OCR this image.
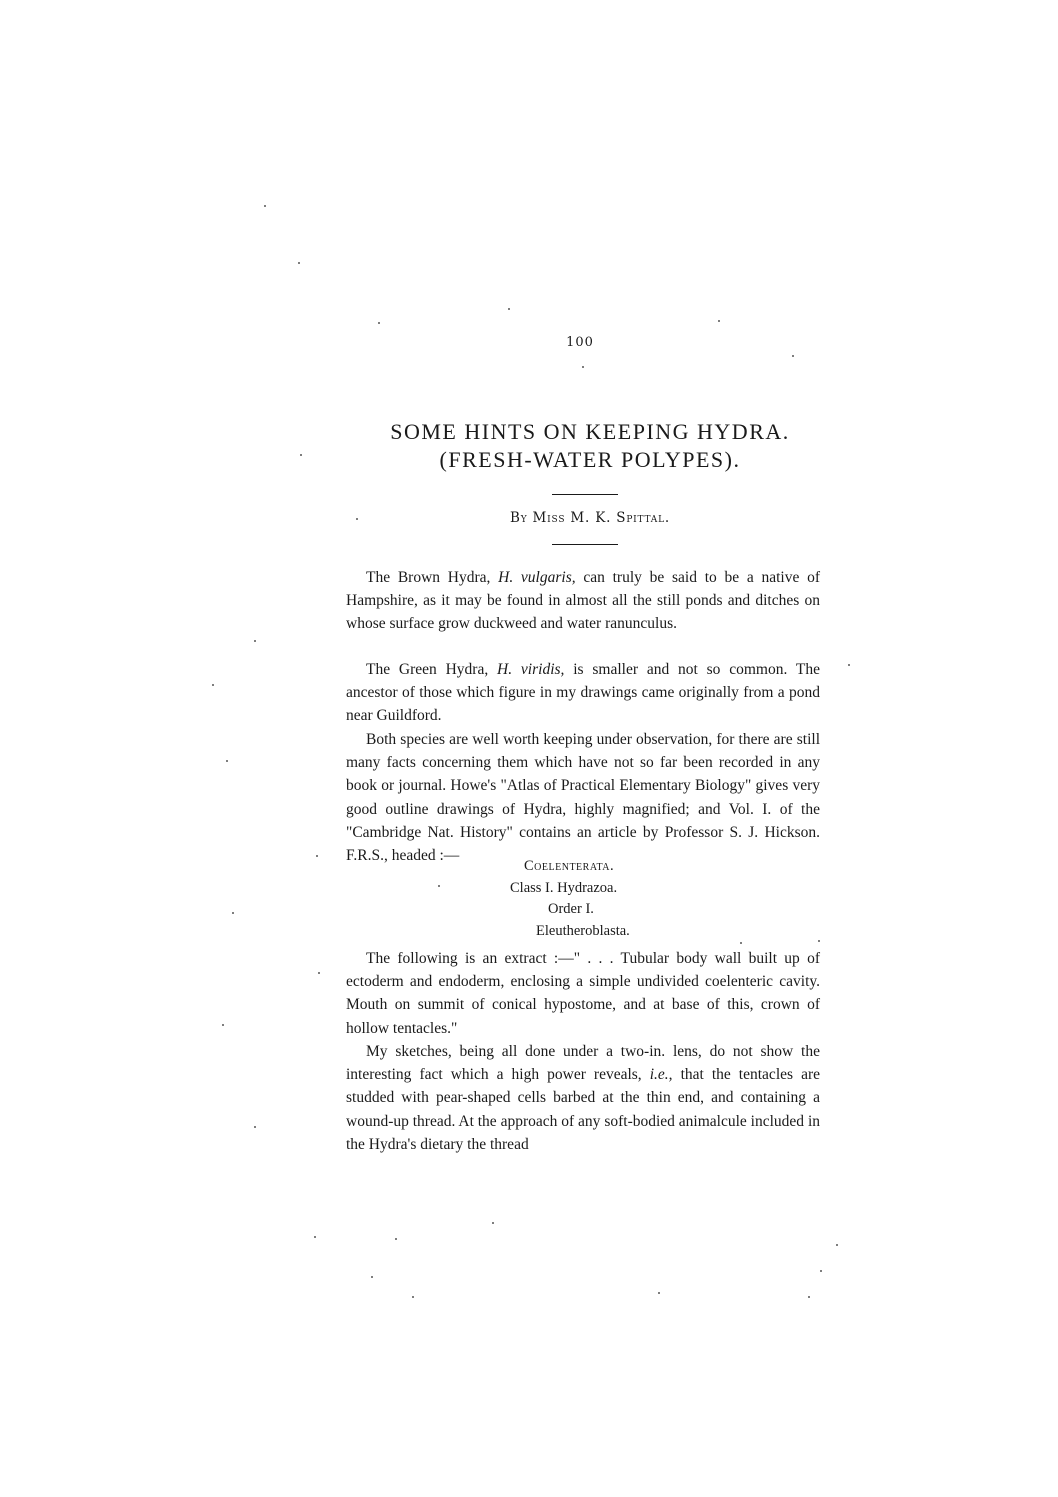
100
SOME HINTS ON KEEPING HYDRA.
(FRESH-WATER POLYPES).
By Miss M. K. Spittal.

The Brown Hydra, H. vulgaris, can truly be said to be a native of Hampshire, as it may be found in almost all the still ponds and ditches on whose surface grow duckweed and water ranunculus.

The Green Hydra, H. viridis, is smaller and not so common. The ancestor of those which figure in my drawings came originally from a pond near Guildford.

Both species are well worth keeping under observation, for there are still many facts concerning them which have not so far been recorded in any book or journal. Howe's "Atlas of Practical Elementary Biology" gives very good outline drawings of Hydra, highly magnified; and Vol. I. of the "Cambridge Nat. History" contains an article by Professor S. J. Hickson. F.R.S., headed :—

Coelenterata.
Class I. Hydrazoa.
Order I.
Eleutheroblasta.

The following is an extract :—" . . . Tubular body wall built up of ectoderm and endoderm, enclosing a simple undivided coelenteric cavity. Mouth on summit of conical hypostome, and at base of this, crown of hollow tentacles."

My sketches, being all done under a two-in. lens, do not show the interesting fact which a high power reveals, i.e., that the tentacles are studded with pear-shaped cells barbed at the thin end, and containing a wound-up thread. At the approach of any soft-bodied animalcule included in the Hydra's dietary the thread
